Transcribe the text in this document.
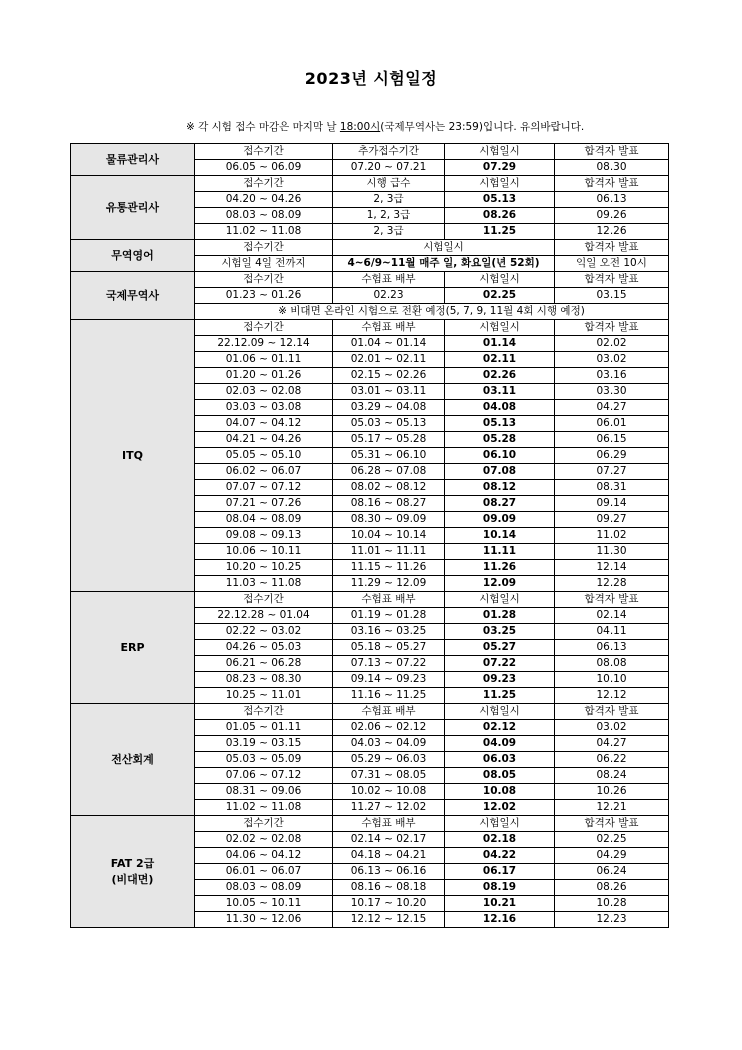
2023년 시험일정
※ 각 시험 접수 마감은 마지막 날 18:00시(국제무역사는 23:59)입니다. 유의바랍니다.
물류관리사	접수기간	추가접수기간	시험일시	합격자 발표
	06.05 ~ 06.09	07.20 ~ 07.21	07.29	08.30

유통관리사	접수기간	시행 급수	시험일시	합격자 발표
	04.20 ~ 04.26	2, 3급	05.13	06.13
	08.03 ~ 08.09	1, 2, 3급	08.26	09.26
	11.02 ~ 11.08	2, 3급	11.25	12.26

무역영어	접수기간	시험일시		합격자 발표
	시험일 4일 전까지	4~6/9~11월 매주 일, 화요일(년 52회)		익일 오전 10시

국제무역사	접수기간	수험표 배부	시험일시	합격자 발표
	01.23 ~ 01.26	02.23	02.25	03.15
	※ 비대면 온라인 시험으로 전환 예정(5, 7, 9, 11월 4회 시행 예정)			

ITQ	접수기간	수험표 배부	시험일시	합격자 발표
	22.12.09 ~ 12.14	01.04 ~ 01.14	01.14	02.02
	01.06 ~ 01.11	02.01 ~ 02.11	02.11	03.02
	01.20 ~ 01.26	02.15 ~ 02.26	02.26	03.16
	02.03 ~ 02.08	03.01 ~ 03.11	03.11	03.30
	03.03 ~ 03.08	03.29 ~ 04.08	04.08	04.27
	04.07 ~ 04.12	05.03 ~ 05.13	05.13	06.01
	04.21 ~ 04.26	05.17 ~ 05.28	05.28	06.15
	05.05 ~ 05.10	05.31 ~ 06.10	06.10	06.29
	06.02 ~ 06.07	06.28 ~ 07.08	07.08	07.27
	07.07 ~ 07.12	08.02 ~ 08.12	08.12	08.31
	07.21 ~ 07.26	08.16 ~ 08.27	08.27	09.14
	08.04 ~ 08.09	08.30 ~ 09.09	09.09	09.27
	09.08 ~ 09.13	10.04 ~ 10.14	10.14	11.02
	10.06 ~ 10.11	11.01 ~ 11.11	11.11	11.30
	10.20 ~ 10.25	11.15 ~ 11.26	11.26	12.14
	11.03 ~ 11.08	11.29 ~ 12.09	12.09	12.28

ERP	접수기간	수험표 배부	시험일시	합격자 발표
	22.12.28 ~ 01.04	01.19 ~ 01.28	01.28	02.14
	02.22 ~ 03.02	03.16 ~ 03.25	03.25	04.11
	04.26 ~ 05.03	05.18 ~ 05.27	05.27	06.13
	06.21 ~ 06.28	07.13 ~ 07.22	07.22	08.08
	08.23 ~ 08.30	09.14 ~ 09.23	09.23	10.10
	10.25 ~ 11.01	11.16 ~ 11.25	11.25	12.12

전산회계	접수기간	수험표 배부	시험일시	합격자 발표
	01.05 ~ 01.11	02.06 ~ 02.12	02.12	03.02
	03.19 ~ 03.15	04.03 ~ 04.09	04.09	04.27
	05.03 ~ 05.09	05.29 ~ 06.03	06.03	06.22
	07.06 ~ 07.12	07.31 ~ 08.05	08.05	08.24
	08.31 ~ 09.06	10.02 ~ 10.08	10.08	10.26
	11.02 ~ 11.08	11.27 ~ 12.02	12.02	12.21

FAT 2급
(비대면)	접수기간	수험표 배부	시험일시	합격자 발표
	02.02 ~ 02.08	02.14 ~ 02.17	02.18	02.25
	04.06 ~ 04.12	04.18 ~ 04.21	04.22	04.29
	06.01 ~ 06.07	06.13 ~ 06.16	06.17	06.24
	08.03 ~ 08.09	08.16 ~ 08.18	08.19	08.26
	10.05 ~ 10.11	10.17 ~ 10.20	10.21	10.28
	11.30 ~ 12.06	12.12 ~ 12.15	12.16	12.23
